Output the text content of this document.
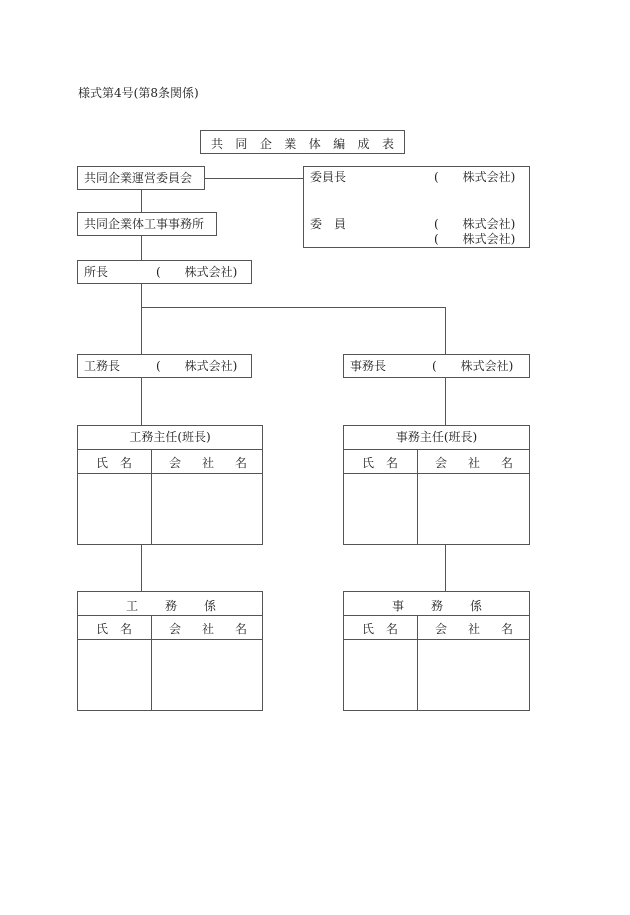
様式第4号(第8条関係)
共 同 企 業 体 編 成 表
共同企業運営委員会	委員長	(　　株式会社)
委　員	(　　株式会社)
(　　株式会社)
共同企業体工事事務所
所長	(　　株式会社)
工務長	(　　株式会社)	事務長	(　　株式会社)
工務主任(班長)
氏 名	会 社 名
事務主任(班長)
氏 名	会 社 名
工 務 係
氏 名	会 社 名
事 務 係
氏 名	会 社 名
